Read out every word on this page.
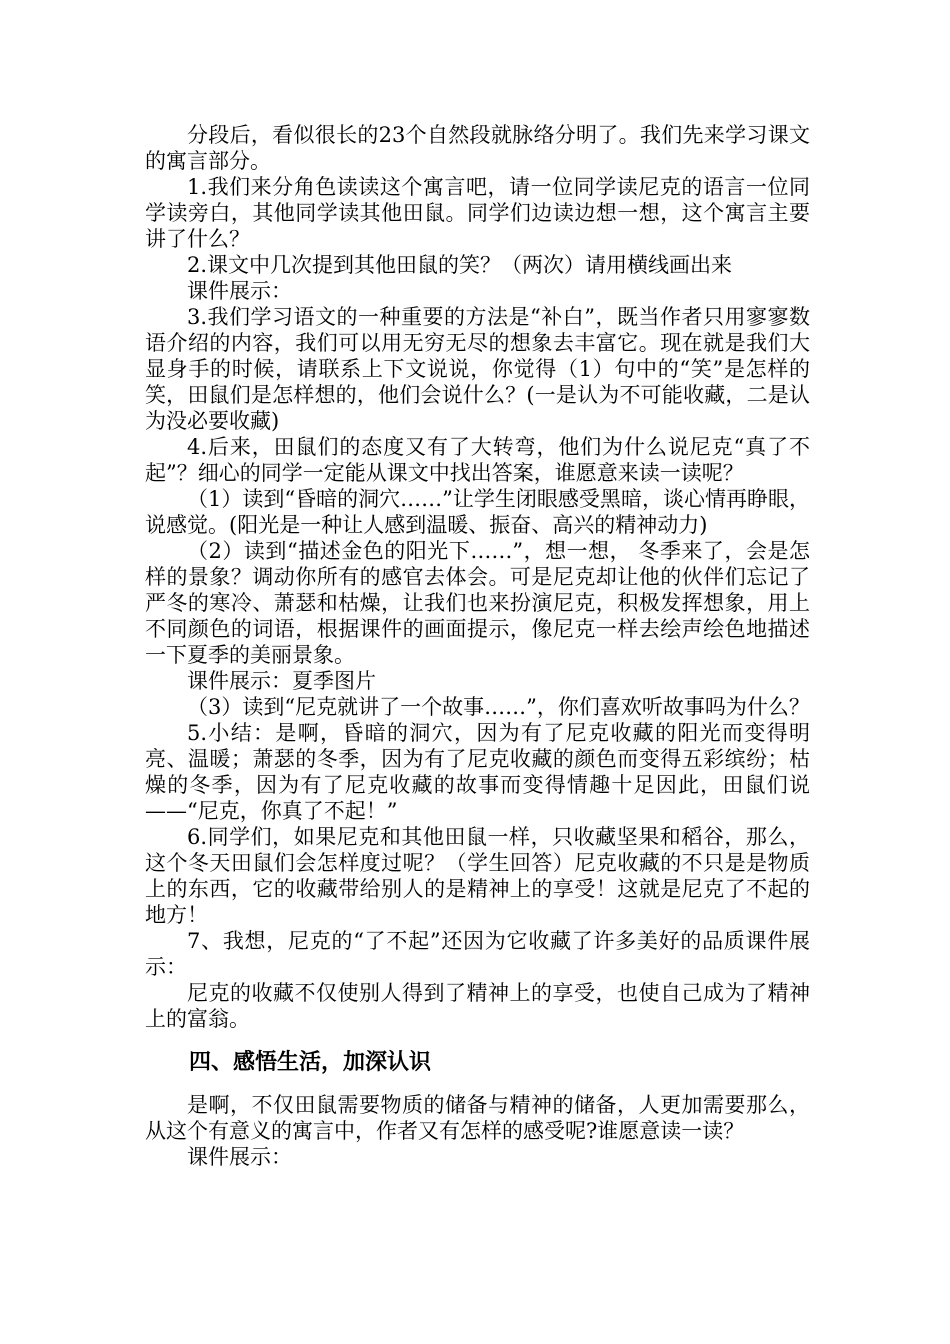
分段后，看似很长的23个自然段就脉络分明了。我们先来学习课文的寓言部分。

1.我们来分角色读读这个寓言吧，请一位同学读尼克的语言一位同学读旁白，其他同学读其他田鼠。同学们边读边想一想，这个寓言主要讲了什么？

2.课文中几次提到其他田鼠的笑？（两次）请用横线画出来

课件展示：

3.我们学习语文的一种重要的方法是“补白”，既当作者只用寥寥数语介绍的内容，我们可以用无穷无尽的想象去丰富它。现在就是我们大显身手的时候，请联系上下文说说，你觉得（1）句中的“笑”是怎样的笑，田鼠们是怎样想的，他们会说什么？(一是认为不可能收藏，二是认为没必要收藏)

4.后来，田鼠们的态度又有了大转弯，他们为什么说尼克“真了不起”？细心的同学一定能从课文中找出答案，谁愿意来读一读呢？

（1）读到“昏暗的洞穴……”让学生闭眼感受黑暗，谈心情再睁眼，说感觉。(阳光是一种让人感到温暖、振奋、高兴的精神动力)

（2）读到“描述金色的阳光下……”，想一想， 冬季来了，会是怎样的景象？调动你所有的感官去体会。可是尼克却让他的伙伴们忘记了严冬的寒冷、萧瑟和枯燥，让我们也来扮演尼克，积极发挥想象，用上不同颜色的词语，根据课件的画面提示，像尼克一样去绘声绘色地描述一下夏季的美丽景象。

课件展示：夏季图片

（3）读到“尼克就讲了一个故事……”，你们喜欢听故事吗为什么？

5.小结：是啊，昏暗的洞穴，因为有了尼克收藏的阳光而变得明亮、温暖；萧瑟的冬季，因为有了尼克收藏的颜色而变得五彩缤纷；枯燥的冬季，因为有了尼克收藏的故事而变得情趣十足因此，田鼠们说——“尼克，你真了不起！”

6.同学们，如果尼克和其他田鼠一样，只收藏坚果和稻谷，那么，这个冬天田鼠们会怎样度过呢？（学生回答）尼克收藏的不只是是物质上的东西，它的收藏带给别人的是精神上的享受！这就是尼克了不起的地方！

7、我想，尼克的“了不起”还因为它收藏了许多美好的品质课件展示：

尼克的收藏不仅使别人得到了精神上的享受，也使自己成为了精神上的富翁。

四、感悟生活，加深认识

是啊，不仅田鼠需要物质的储备与精神的储备，人更加需要那么，从这个有意义的寓言中，作者又有怎样的感受呢?谁愿意读一读？

课件展示：
